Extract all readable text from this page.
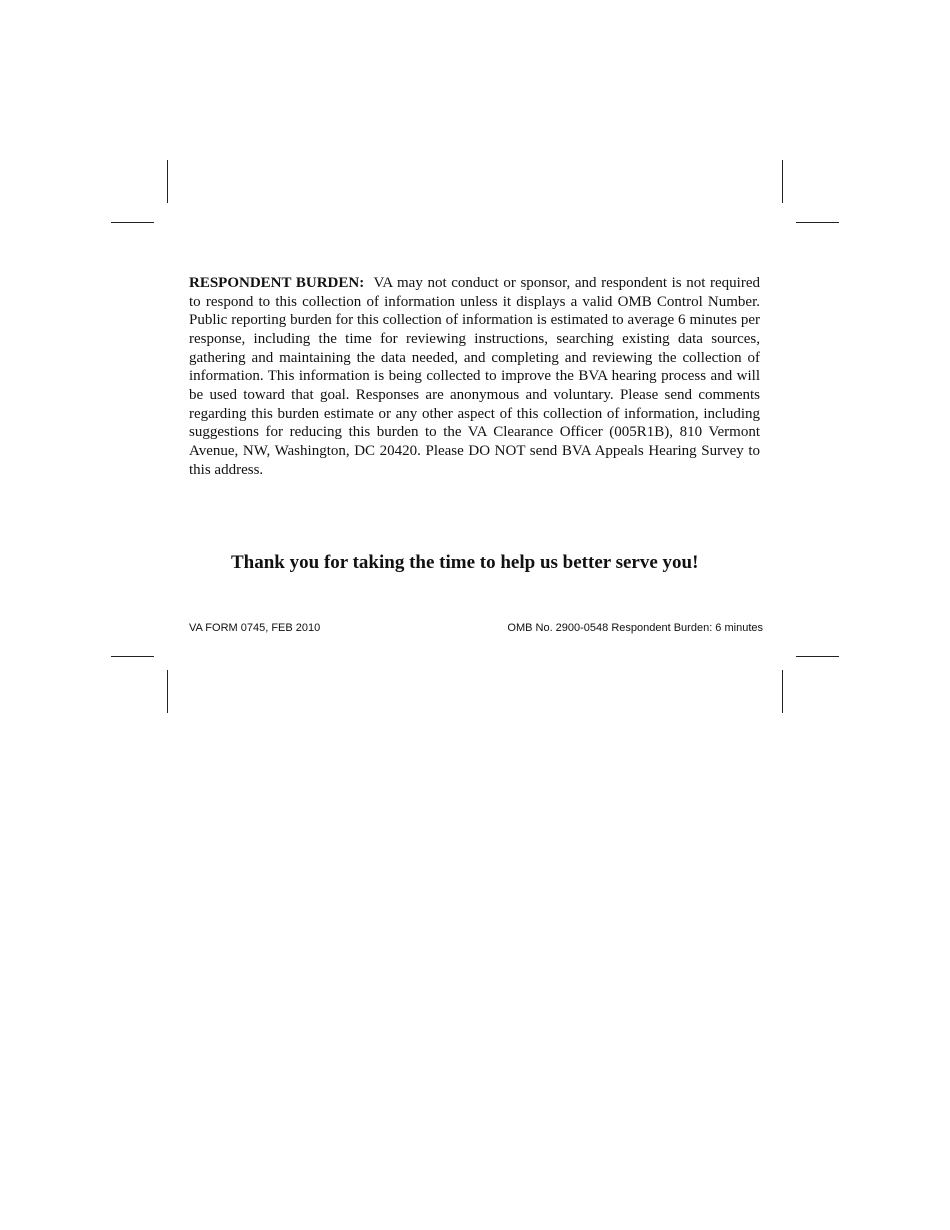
RESPONDENT BURDEN: VA may not conduct or sponsor, and respondent is not required to respond to this collection of information unless it displays a valid OMB Control Number. Public reporting burden for this collection of information is estimated to average 6 minutes per response, including the time for reviewing instructions, searching existing data sources, gathering and maintaining the data needed, and completing and reviewing the collection of information. This information is being collected to improve the BVA hearing process and will be used toward that goal. Responses are anonymous and voluntary. Please send comments regarding this burden estimate or any other aspect of this collection of information, including suggestions for reducing this burden to the VA Clearance Officer (005R1B), 810 Vermont Avenue, NW, Washington, DC 20420. Please DO NOT send BVA Appeals Hearing Survey to this address.

Thank you for taking the time to help us better serve you!

VA FORM 0745, FEB 2010	OMB No. 2900-0548 Respondent Burden: 6 minutes
